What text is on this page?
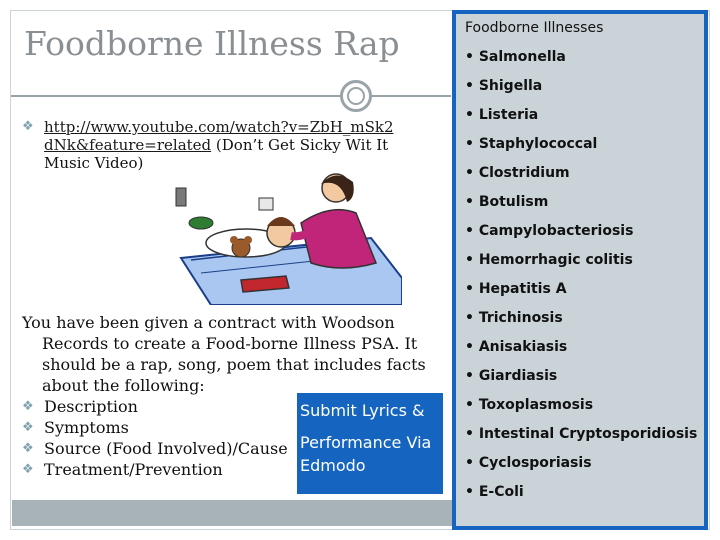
Foodborne Illness Rap
❖ http://www.youtube.com/watch?v=ZbH_mSk2
dNk&feature=related (Don’t Get Sicky Wit It
Music Video)
You have been given a contract with Woodson
Records to create a Food-borne Illness PSA. It
should be a rap, song, poem that includes facts
about the following:
❖ Description
❖ Symptoms
❖ Source (Food Involved)/Cause
❖ Treatment/Prevention
Submit Lyrics &
Performance Via
Edmodo
Foodborne Illnesses
• Salmonella
• Shigella
• Listeria
• Staphylococcal
• Clostridium
• Botulism
• Campylobacteriosis
• Hemorrhagic colitis
• Hepatitis A
• Trichinosis
• Anisakiasis
• Giardiasis
• Toxoplasmosis
• Intestinal Cryptosporidiosis
• Cyclosporiasis
• E-Coli
